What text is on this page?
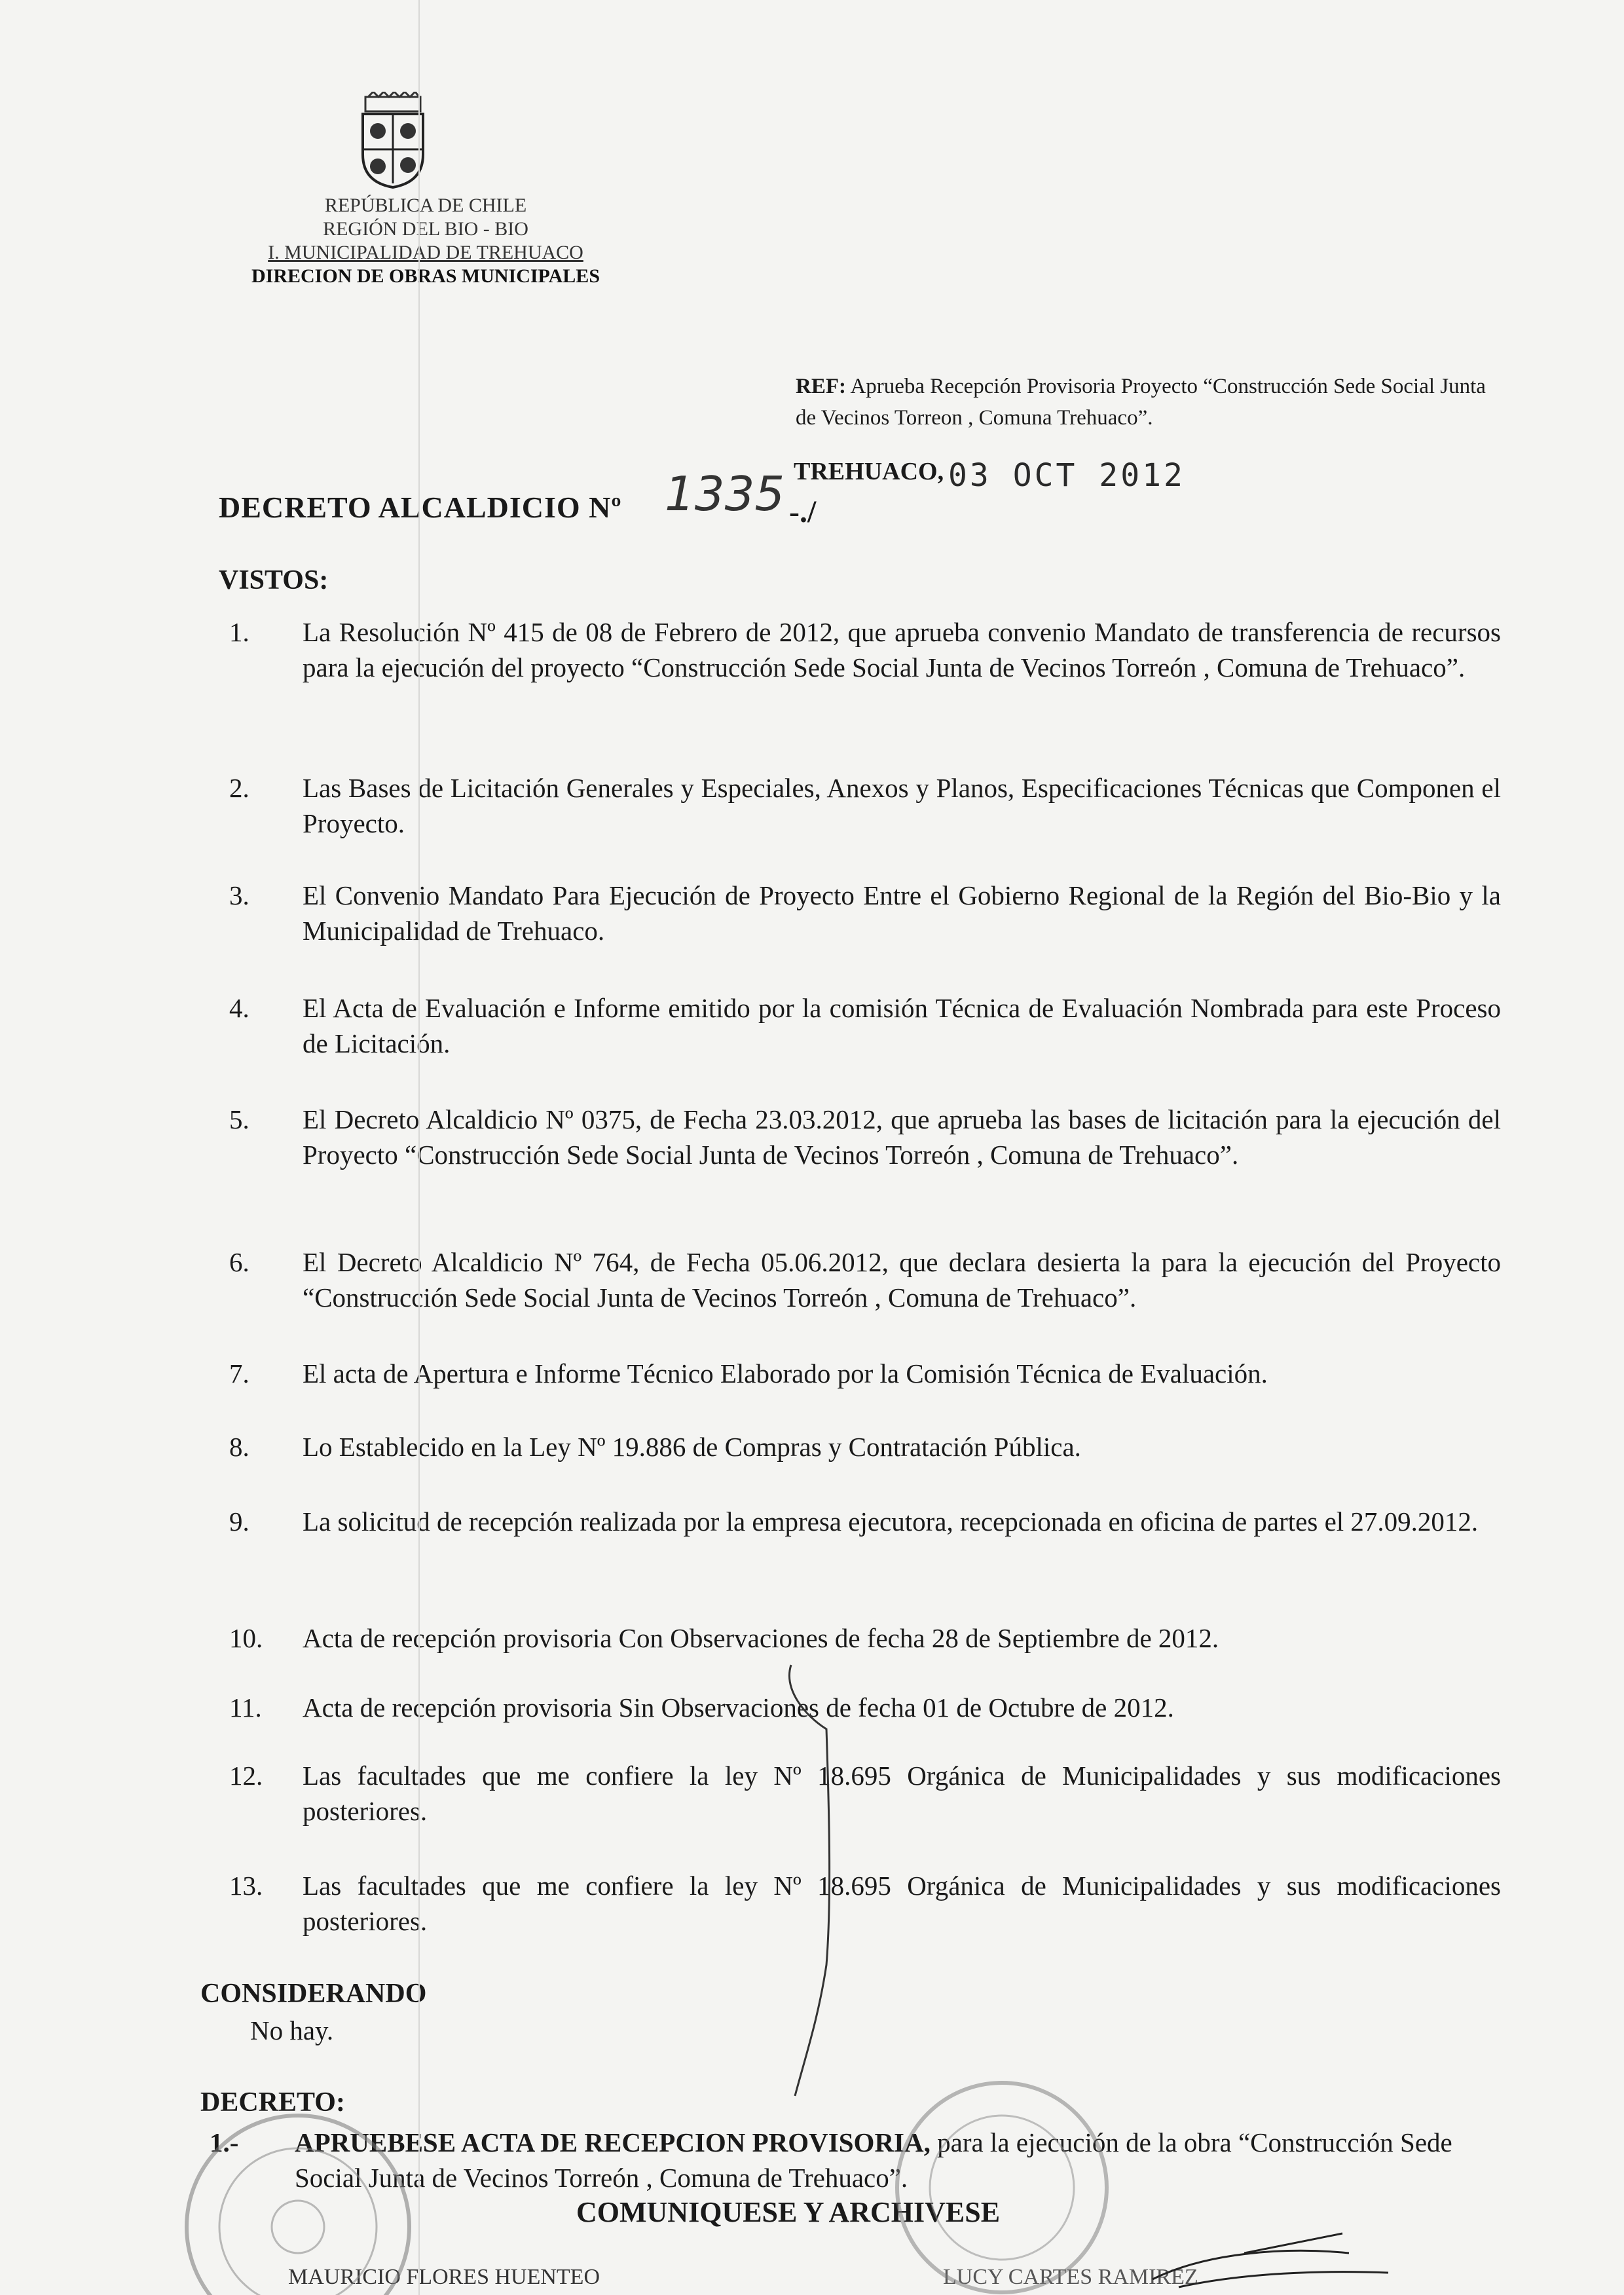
REPÚBLICA DE CHILE
REGIÓN DEL BIO - BIO
I. MUNICIPALIDAD DE TREHUACO
DIRECION DE OBRAS MUNICIPALES
REF: Aprueba Recepción Provisoria Proyecto “Construcción Sede Social Junta de Vecinos Torreon , Comuna Trehuaco”.
TREHUACO, 03 OCT 2012
DECRETO ALCALDICIO Nº 1335 -./
VISTOS:
1.	La Resolución Nº 415 de 08 de Febrero de 2012, que aprueba convenio Mandato de transferencia de recursos para la ejecución del proyecto “Construcción Sede Social Junta de Vecinos Torreón , Comuna de Trehuaco”.
2.	Las Bases de Licitación Generales y Especiales, Anexos y Planos, Especificaciones Técnicas que Componen el Proyecto.
3.	El Convenio Mandato Para Ejecución de Proyecto Entre el Gobierno Regional de la Región del Bio-Bio y la Municipalidad de Trehuaco.
4.	El Acta de Evaluación e Informe emitido por la comisión Técnica de Evaluación Nombrada para este Proceso de Licitación.
5.	El Decreto Alcaldicio Nº 0375, de Fecha 23.03.2012, que aprueba las bases de licitación para la ejecución del Proyecto “Construcción Sede Social Junta de Vecinos Torreón , Comuna de Trehuaco”.
6.	El Decreto Alcaldicio Nº 764, de Fecha 05.06.2012, que declara desierta la para la ejecución del Proyecto “Construcción Sede Social Junta de Vecinos Torreón , Comuna de Trehuaco”.
7.	El acta de Apertura e Informe Técnico Elaborado por la Comisión Técnica de Evaluación.
8.	Lo Establecido en la Ley Nº 19.886 de Compras y Contratación Pública.
9.	La solicitud de recepción realizada por la empresa ejecutora, recepcionada en oficina de partes el 27.09.2012.
10.	Acta de recepción provisoria Con Observaciones de fecha 28 de Septiembre de 2012.
11.	Acta de recepción provisoria Sin Observaciones de fecha 01 de Octubre de 2012.
12.	Las facultades que me confiere la ley Nº 18.695 Orgánica de Municipalidades y sus modificaciones posteriores.
13.	Las facultades que me confiere la ley Nº 18.695 Orgánica de Municipalidades y sus modificaciones posteriores.
CONSIDERANDO
No hay.
DECRETO:
1.- APRUEBESE ACTA DE RECEPCION PROVISORIA, para la ejecución de la obra “Construcción Sede Social Junta de Vecinos Torreón , Comuna de Trehuaco”.
COMUNIQUESE Y ARCHIVESE
MAURICIO FLORES HUENTEO	LUCY CARTES RAMIREZ
